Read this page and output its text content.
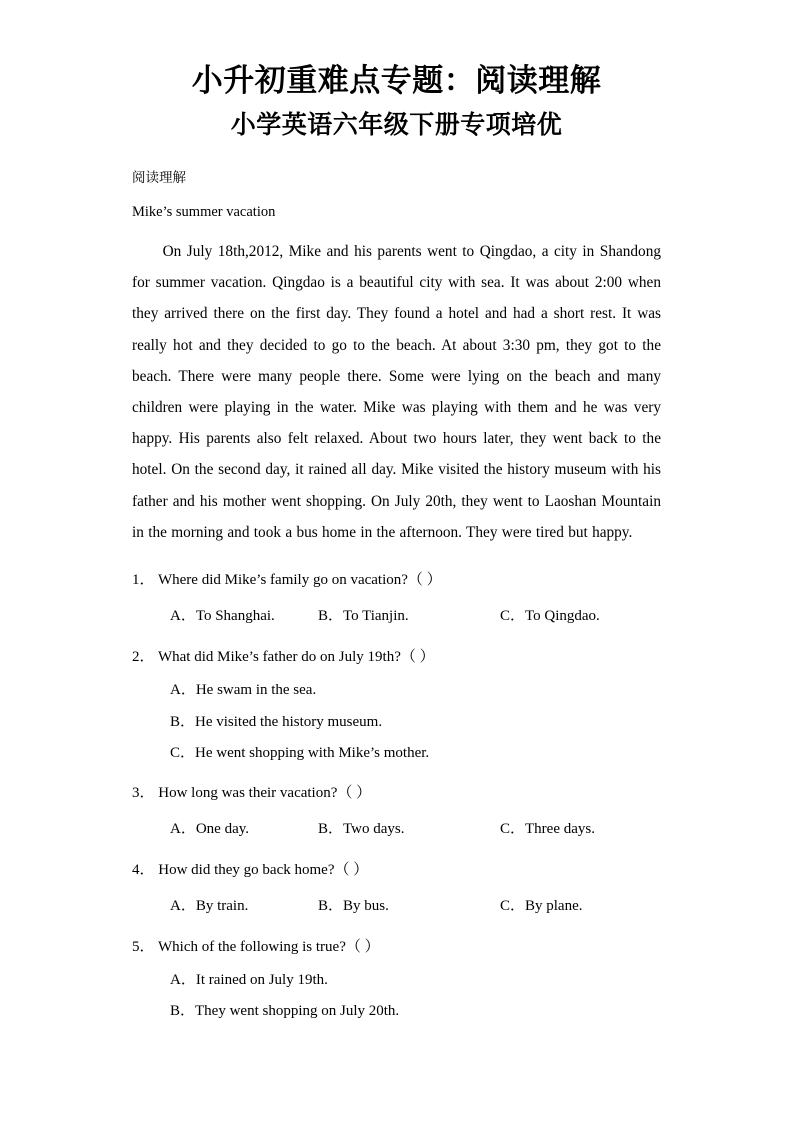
小升初重难点专题：阅读理解
小学英语六年级下册专项培优
阅读理解
Mike’s summer vacation

On July 18th,2012, Mike and his parents went to Qingdao, a city in Shandong for summer vacation. Qingdao is a beautiful city with sea. It was about 2:00 when they arrived there on the first day. They found a hotel and had a short rest. It was really hot and they decided to go to the beach. At about 3:30 pm, they got to the beach. There were many people there. Some were lying on the beach and many children were playing in the water. Mike was playing with them and he was very happy. His parents also felt relaxed. About two hours later, they went back to the hotel. On the second day, it rained all day. Mike visited the history museum with his father and his mother went shopping. On July 20th, they went to Laoshan Mountain in the morning and took a bus home in the afternoon. They were tired but happy.

1． Where did Mike’s family go on vacation?（ ）
A．To Shanghai.	B．To Tianjin.	C．To Qingdao.
2． What did Mike’s father do on July 19th?（ ）
A．He swam in the sea.
B．He visited the history museum.
C．He went shopping with Mike’s mother.
3． How long was their vacation?（ ）
A．One day.	B．Two days.	C．Three days.
4． How did they go back home?（ ）
A．By train.	B．By bus.	C．By plane.
5． Which of the following is true?（ ）
A．It rained on July 19th.
B．They went shopping on July 20th.
